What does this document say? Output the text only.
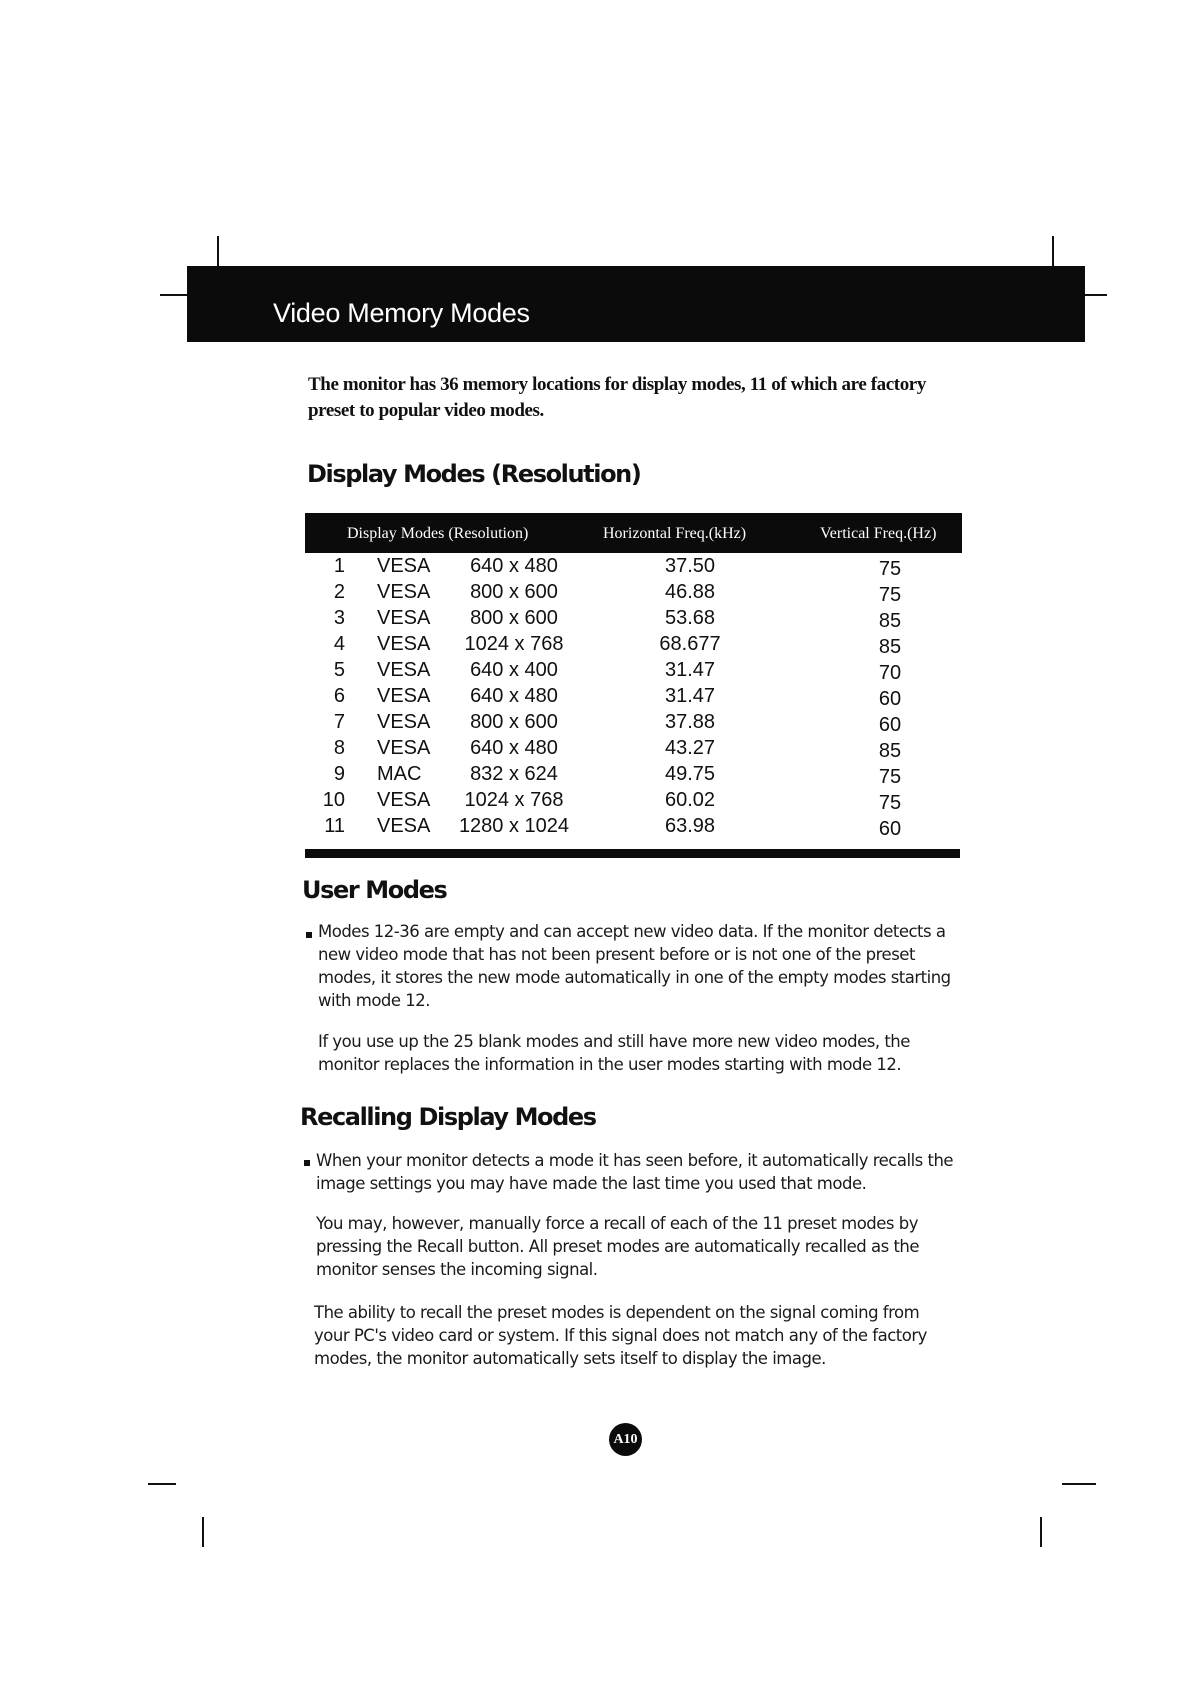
Video Memory Modes
The monitor has 36 memory locations for display modes, 11 of which are factory preset to popular video modes.
Display Modes (Resolution)
Display Modes (Resolution)	Horizontal Freq.(kHz)	Vertical Freq.(Hz)
1 VESA	640 x 480	37.50	75
2 VESA	800 x 600	46.88	75
3 VESA	800 x 600	53.68	85
4 VESA	1024 x 768	68.677	85
5 VESA	640 x 400	31.47	70
6 VESA	640 x 480	31.47	60
7 VESA	800 x 600	37.88	60
8 VESA	640 x 480	43.27	85
9 MAC	832 x 624	49.75	75
10 VESA	1024 x 768	60.02	75
11 VESA	1280 x 1024	63.98	60
User Modes

Modes 12-36 are empty and can accept new video data. If the monitor detects a new video mode that has not been present before or is not one of the preset modes, it stores the new mode automatically in one of the empty modes starting with mode 12.

If you use up the 25 blank modes and still have more new video modes, the monitor replaces the information in the user modes starting with mode 12.

Recalling Display Modes

When your monitor detects a mode it has seen before, it automatically recalls the image settings you may have made the last time you used that mode.

You may, however, manually force a recall of each of the 11 preset modes by pressing the Recall button. All preset modes are automatically recalled as the monitor senses the incoming signal.

The ability to recall the preset modes is dependent on the signal coming from your PC's video card or system. If this signal does not match any of the factory modes, the monitor automatically sets itself to display the image.

A10
